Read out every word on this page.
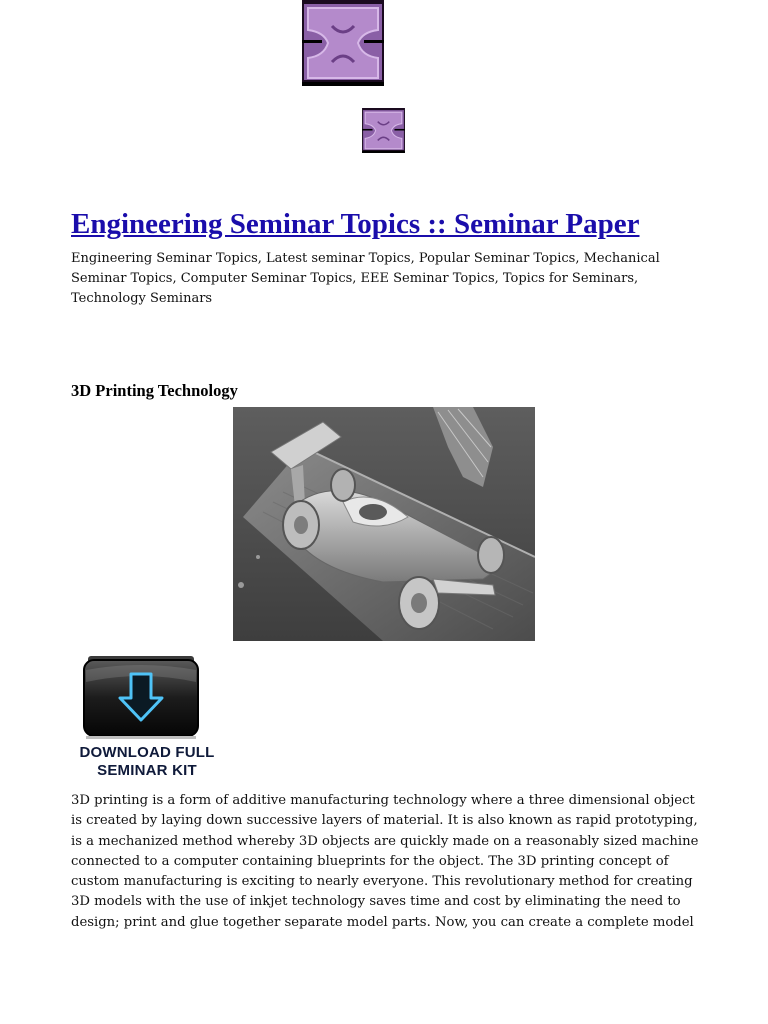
Engineering Seminar Topics :: Seminar Paper

Engineering Seminar Topics, Latest seminar Topics, Popular Seminar Topics, Mechanical Seminar Topics, Computer Seminar Topics, EEE Seminar Topics, Topics for Seminars, Technology Seminars

3D Printing Technology
DOWNLOAD FULL
SEMINAR KIT

3D printing is a form of additive manufacturing technology where a three dimensional object is created by laying down successive layers of material. It is also known as rapid prototyping, is a mechanized method whereby 3D objects are quickly made on a reasonably sized machine connected to a computer containing blueprints for the object. The 3D printing concept of custom manufacturing is exciting to nearly everyone. This revolutionary method for creating 3D models with the use of inkjet technology saves time and cost by eliminating the need to design; print and glue together separate model parts. Now, you can create a complete model
